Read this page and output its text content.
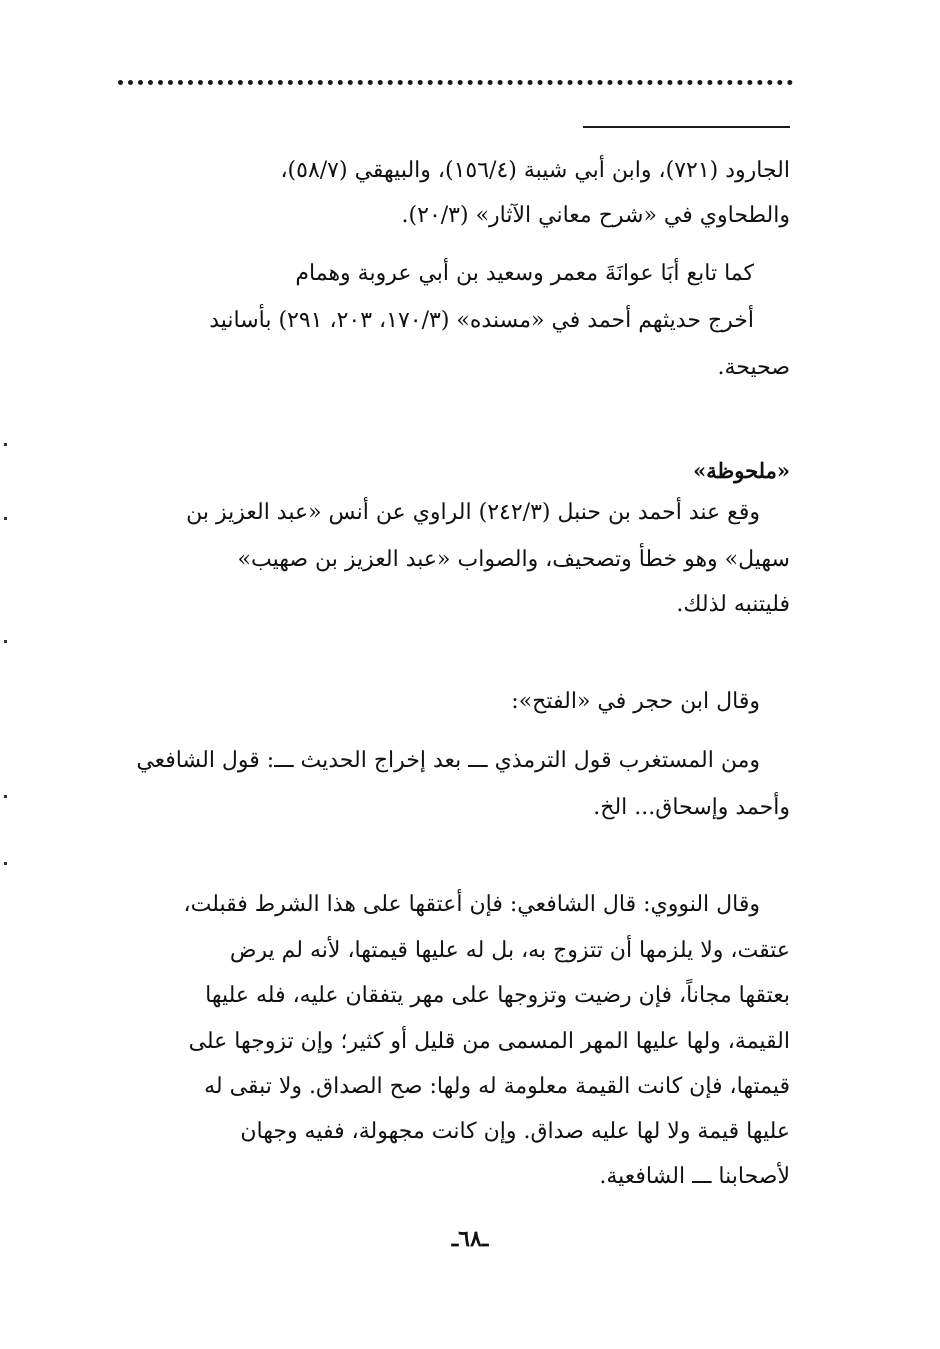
الجارود (٧٢١)، وابن أبي شيبة (١٥٦/٤)، والبيهقي (٥٨/٧)،
والطحاوي في «شرح معاني الآثار» (٢٠/٣).
كما تابع أبَا عوانَةَ معمر وسعيد بن أبي عروبة وهمام
أخرج حديثهم أحمد في «مسنده» (١٧٠/٣، ٢٠٣، ٢٩١) بأسانيد
صحيحة.
«ملحوظة»
وقع عند أحمد بن حنبل (٢٤٢/٣) الراوي عن أنس «عبد العزيز بن
سهيل» وهو خطأ وتصحيف، والصواب «عبد العزيز بن صهيب»
فليتنبه لذلك.
وقال ابن حجر في «الفتح»:
ومن المستغرب قول الترمذي ـــ بعد إخراج الحديث ـــ: قول الشافعي
وأحمد وإسحاق... الخ.
وقال النووي: قال الشافعي: فإن أعتقها على هذا الشرط فقبلت،
عتقت، ولا يلزمها أن تتزوج به، بل له عليها قيمتها، لأنه لم يرض
بعتقها مجاناً، فإن رضيت وتزوجها على مهر يتفقان عليه، فله عليها
القيمة، ولها عليها المهر المسمى من قليل أو كثير؛ وإن تزوجها على
قيمتها، فإن كانت القيمة معلومة له ولها: صح الصداق. ولا تبقى له
عليها قيمة ولا لها عليه صداق. وإن كانت مجهولة، ففيه وجهان
لأصحابنا ـــ الشافعية.
ـ٦٨ـ
